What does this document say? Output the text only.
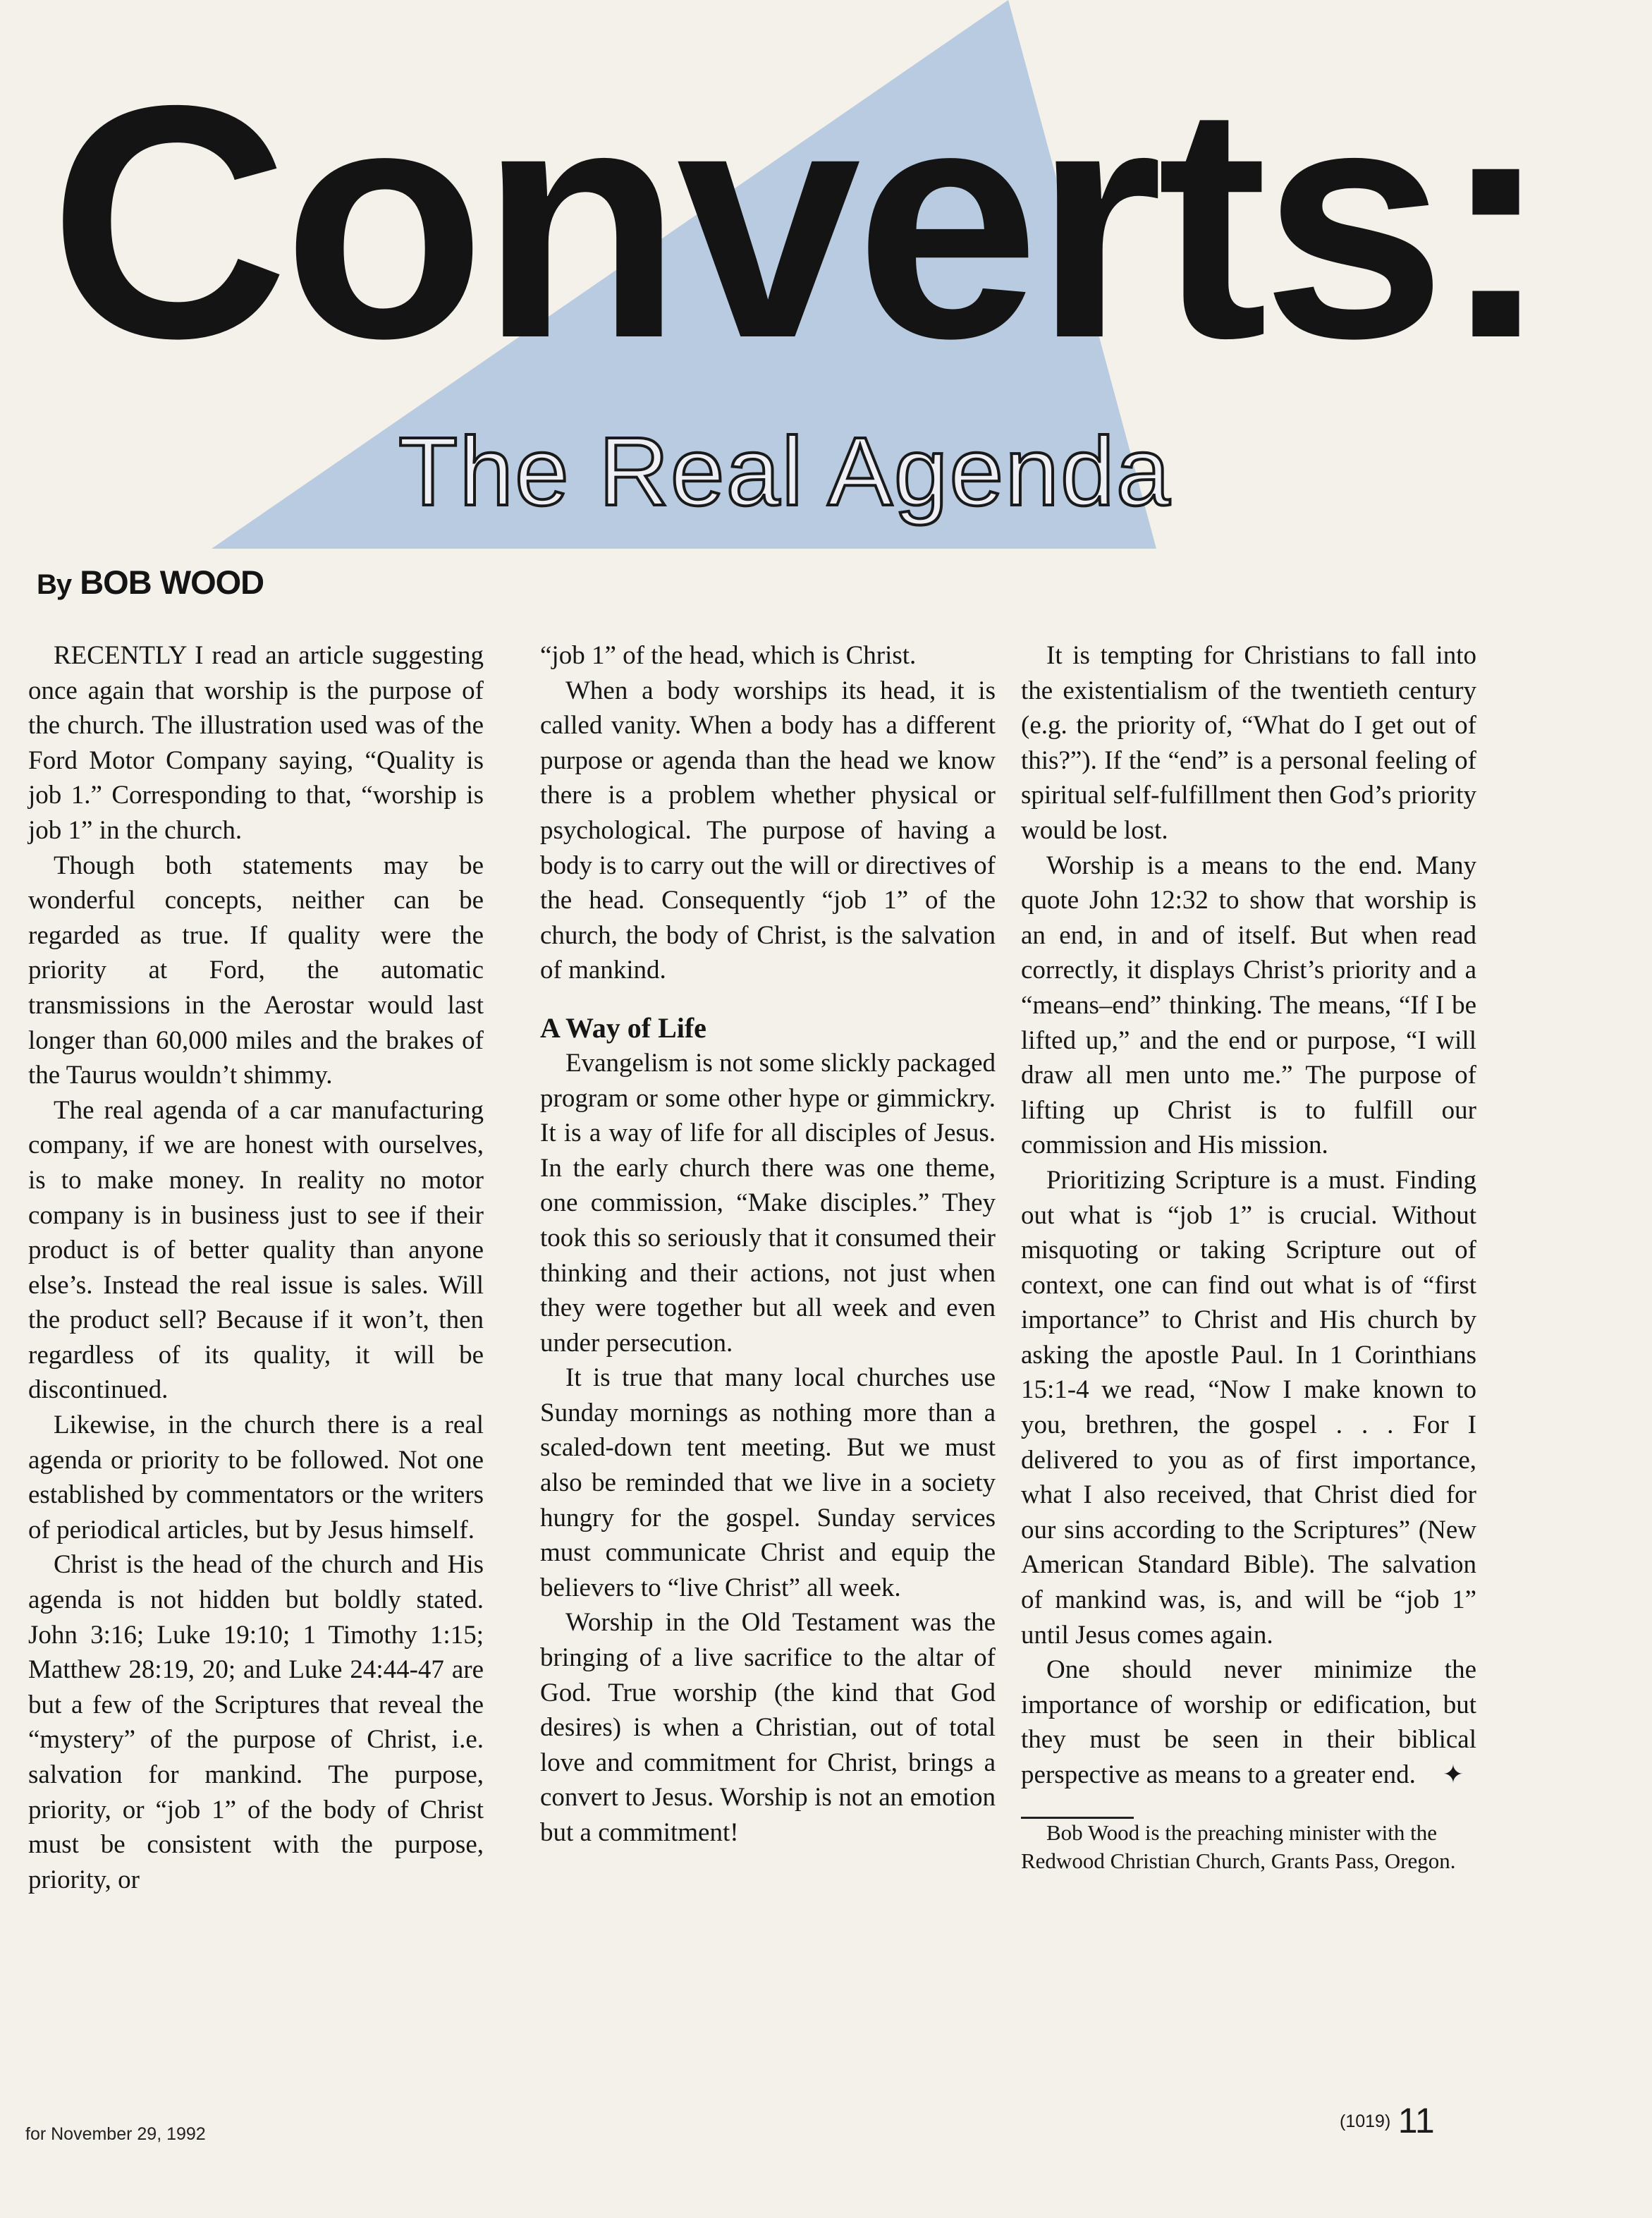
Converts:
The Real Agenda

By BOB WOOD

RECENTLY I read an article suggesting once again that worship is the purpose of the church. The illustration used was of the Ford Motor Company saying, “Quality is job 1.” Corresponding to that, “worship is job 1” in the church.

Though both statements may be wonderful concepts, neither can be regarded as true. If quality were the priority at Ford, the automatic transmissions in the Aerostar would last longer than 60,000 miles and the brakes of the Taurus wouldn’t shimmy.

The real agenda of a car manufacturing company, if we are honest with ourselves, is to make money. In reality no motor company is in business just to see if their product is of better quality than anyone else’s. Instead the real issue is sales. Will the product sell? Because if it won’t, then regardless of its quality, it will be discontinued.

Likewise, in the church there is a real agenda or priority to be followed. Not one established by commentators or the writers of periodical articles, but by Jesus himself.

Christ is the head of the church and His agenda is not hidden but boldly stated. John 3:16; Luke 19:10; 1 Timothy 1:15; Matthew 28:19, 20; and Luke 24:44-47 are but a few of the Scriptures that reveal the “mystery” of the purpose of Christ, i.e. salvation for mankind. The purpose, priority, or “job 1” of the body of Christ must be consistent with the purpose, priority, or

“job 1” of the head, which is Christ.

When a body worships its head, it is called vanity. When a body has a different purpose or agenda than the head we know there is a problem whether physical or psychological. The purpose of having a body is to carry out the will or directives of the head. Consequently “job 1” of the church, the body of Christ, is the salvation of mankind.

A Way of Life

Evangelism is not some slickly packaged program or some other hype or gimmickry. It is a way of life for all disciples of Jesus. In the early church there was one theme, one commission, “Make disciples.” They took this so seriously that it consumed their thinking and their actions, not just when they were together but all week and even under persecution.

It is true that many local churches use Sunday mornings as nothing more than a scaled-down tent meeting. But we must also be reminded that we live in a society hungry for the gospel. Sunday services must communicate Christ and equip the believers to “live Christ” all week.

Worship in the Old Testament was the bringing of a live sacrifice to the altar of God. True worship (the kind that God desires) is when a Christian, out of total love and commitment for Christ, brings a convert to Jesus. Worship is not an emotion but a commitment!

It is tempting for Christians to fall into the existentialism of the twentieth century (e.g. the priority of, “What do I get out of this?”). If the “end” is a personal feeling of spiritual self-fulfillment then God’s priority would be lost.

Worship is a means to the end. Many quote John 12:32 to show that worship is an end, in and of itself. But when read correctly, it displays Christ’s priority and a “means–end” thinking. The means, “If I be lifted up,” and the end or purpose, “I will draw all men unto me.” The purpose of lifting up Christ is to fulfill our commission and His mission.

Prioritizing Scripture is a must. Finding out what is “job 1” is crucial. Without misquoting or taking Scripture out of context, one can find out what is of “first importance” to Christ and His church by asking the apostle Paul. In 1 Corinthians 15:1-4 we read, “Now I make known to you, brethren, the gospel . . . For I delivered to you as of first importance, what I also received, that Christ died for our sins according to the Scriptures” (New American Standard Bible). The salvation of mankind was, is, and will be “job 1” until Jesus comes again.

One should never minimize the importance of worship or edification, but they must be seen in their biblical perspective as means to a greater end.	✦

Bob Wood is the preaching minister with the Redwood Christian Church, Grants Pass, Oregon.

for November 29, 1992

(1019) 11
